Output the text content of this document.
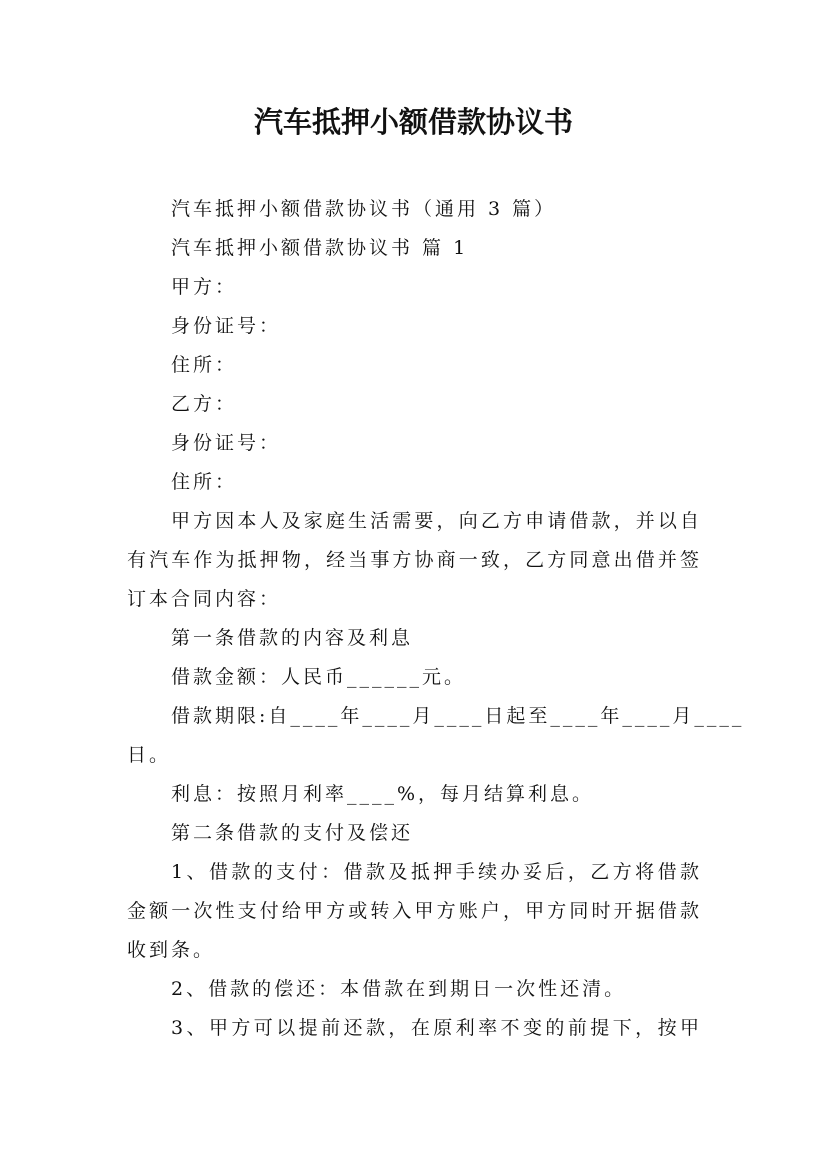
汽车抵押小额借款协议书
汽车抵押小额借款协议书（通用 3 篇）
汽车抵押小额借款协议书 篇 1
甲方：
身份证号：
住所：
乙方：
身份证号：
住所：
甲方因本人及家庭生活需要，向乙方申请借款，并以自
有汽车作为抵押物，经当事方协商一致，乙方同意出借并签
订本合同内容：
第一条借款的内容及利息
借款金额：人民币______元。
借款期限:自____年____月____日起至____年____月____
日。
利息：按照月利率____%，每月结算利息。
第二条借款的支付及偿还
1、借款的支付：借款及抵押手续办妥后，乙方将借款
金额一次性支付给甲方或转入甲方账户，甲方同时开据借款
收到条。
2、借款的偿还：本借款在到期日一次性还清。
3、甲方可以提前还款，在原利率不变的前提下，按甲
